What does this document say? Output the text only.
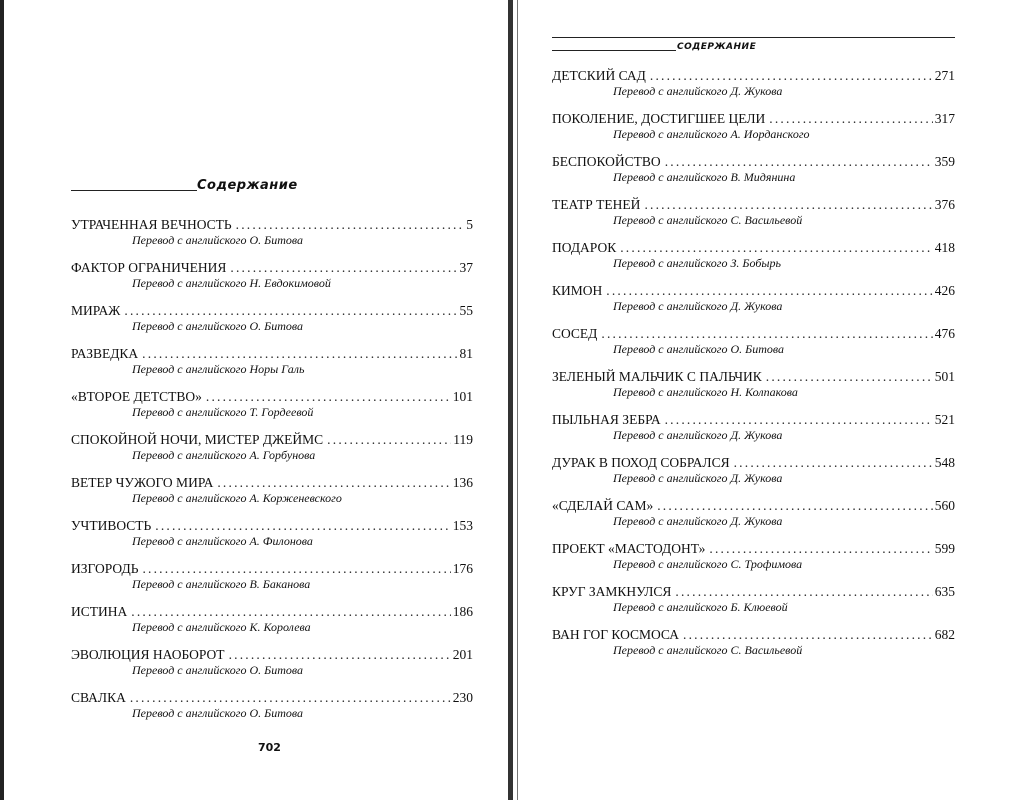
Содержание
СОДЕРЖАНИЕ
УТРАЧЕННАЯ ВЕЧНОСТЬ .....	5
Перевод с английского О. Битова
ФАКТОР ОГРАНИЧЕНИЯ .....	37
Перевод с английского Н. Евдокимовой
МИРАЖ .....	55
Перевод с английского О. Битова
РАЗВЕДКА .....	81
Перевод с английского Норы Галь
«ВТОРОЕ ДЕТСТВО» .....	101
Перевод с английского Т. Гордеевой
СПОКОЙНОЙ НОЧИ, МИСТЕР ДЖЕЙМС .....	119
Перевод с английского А. Горбунова
ВЕТЕР ЧУЖОГО МИРА .....	136
Перевод с английского А. Корженевского
УЧТИВОСТЬ .....	153
Перевод с английского А. Филонова
ИЗГОРОДЬ .....	176
Перевод с английского В. Баканова
ИСТИНА .....	186
Перевод с английского К. Королева
ЭВОЛЮЦИЯ НАОБОРОТ .....	201
Перевод с английского О. Битова
СВАЛКА .....	230
Перевод с английского О. Битова
ДЕТСКИЙ САД .....	271
Перевод с английского Д. Жукова
ПОКОЛЕНИЕ, ДОСТИГШЕЕ ЦЕЛИ .....	317
Перевод с английского А. Иорданского
БЕСПОКОЙСТВО .....	359
Перевод с английского В. Мидянина
ТЕАТР ТЕНЕЙ .....	376
Перевод с английского С. Васильевой
ПОДАРОК .....	418
Перевод с английского З. Бобырь
КИМОН .....	426
Перевод с английского Д. Жукова
СОСЕД .....	476
Перевод с английского О. Битова
ЗЕЛЕНЫЙ МАЛЬЧИК С ПАЛЬЧИК .....	501
Перевод с английского Н. Колпакова
ПЫЛЬНАЯ ЗЕБРА .....	521
Перевод с английского Д. Жукова
ДУРАК В ПОХОД СОБРАЛСЯ .....	548
Перевод с английского Д. Жукова
«СДЕЛАЙ САМ» .....	560
Перевод с английского Д. Жукова
ПРОЕКТ «МАСТОДОНТ» .....	599
Перевод с английского С. Трофимова
КРУГ ЗАМКНУЛСЯ .....	635
Перевод с английского Б. Клюевой
ВАН ГОГ КОСМОСА .....	682
Перевод с английского С. Васильевой
702
